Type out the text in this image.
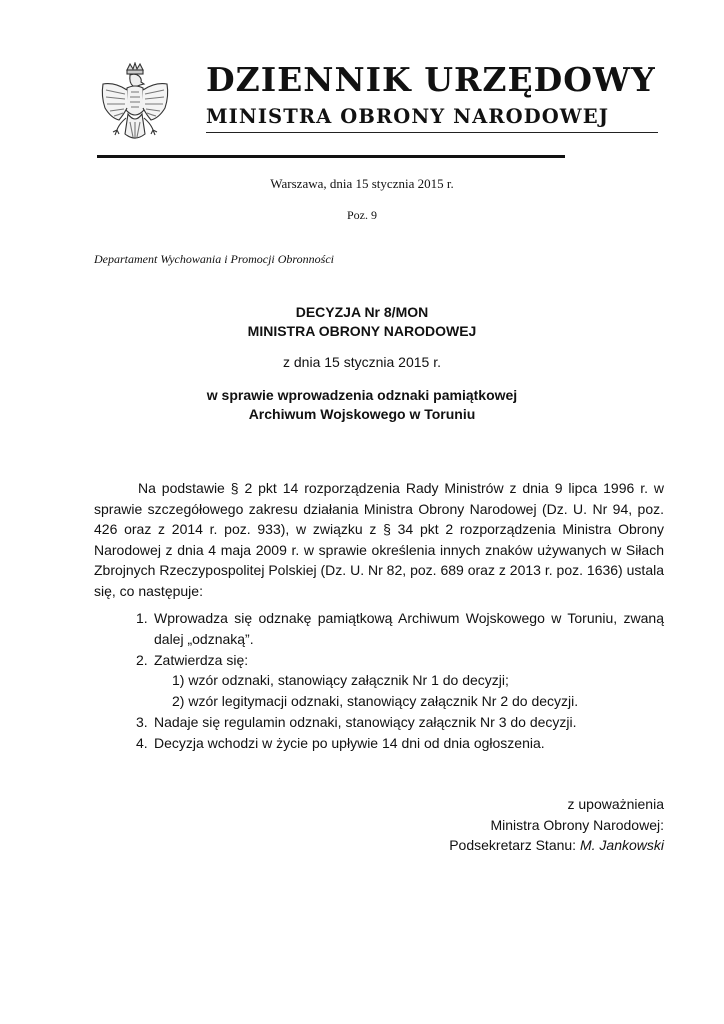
DZIENNIK URZĘDOWY
MINISTRA OBRONY NARODOWEJ
Warszawa, dnia 15 stycznia 2015 r.
Poz. 9
Departament Wychowania i Promocji Obronności
DECYZJA Nr 8/MON
MINISTRA OBRONY NARODOWEJ
z dnia 15 stycznia 2015 r.
w sprawie wprowadzenia odznaki pamiątkowej
Archiwum Wojskowego w Toruniu

Na podstawie § 2 pkt 14 rozporządzenia Rady Ministrów z dnia 9 lipca 1996 r. w sprawie szczegółowego zakresu działania Ministra Obrony Narodowej (Dz. U. Nr 94, poz. 426 oraz z 2014 r. poz. 933), w związku z § 34 pkt 2 rozporządzenia Ministra Obrony Narodowej z dnia 4 maja 2009 r. w sprawie określenia innych znaków używanych w Siłach Zbrojnych Rzeczypospolitej Polskiej (Dz. U. Nr 82, poz. 689 oraz z 2013 r. poz. 1636) ustala się, co następuje:

1. Wprowadza się odznakę pamiątkową Archiwum Wojskowego w Toruniu, zwaną dalej „odznaką”.
2. Zatwierdza się:
1) wzór odznaki, stanowiący załącznik Nr 1 do decyzji;
2) wzór legitymacji odznaki, stanowiący załącznik Nr 2 do decyzji.
3. Nadaje się regulamin odznaki, stanowiący załącznik Nr 3 do decyzji.
4. Decyzja wchodzi w życie po upływie 14 dni od dnia ogłoszenia.
z upoważnienia
Ministra Obrony Narodowej:
Podsekretarz Stanu: M. Jankowski
